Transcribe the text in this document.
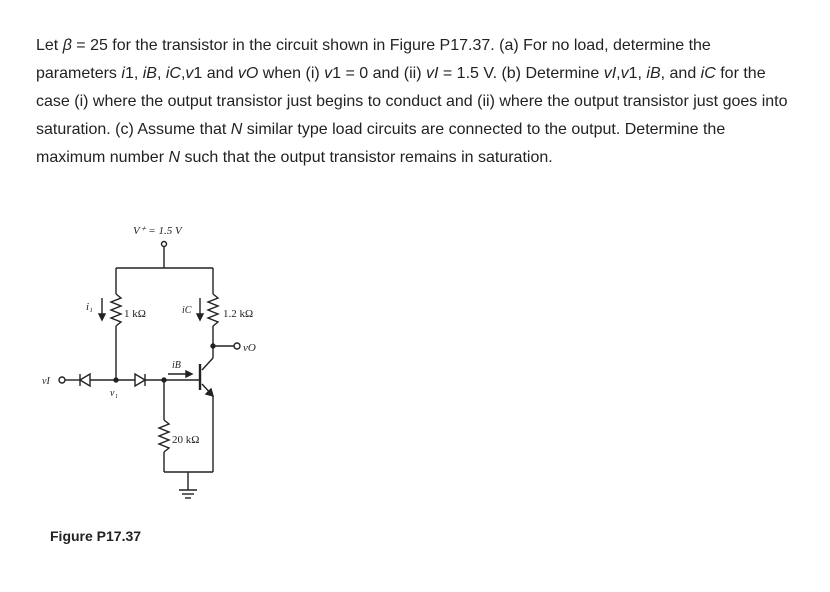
Let β = 25 for the transistor in the circuit shown in Figure P17.37. (a) For no load, determine the parameters i1, iB, iC,v1 and vO when (i) v1 = 0 and (ii) vI = 1.5 V. (b) Determine vI,v1, iB, and iC for the case (i) where the output transistor just begins to conduct and (ii) where the output transistor just goes into saturation. (c) Assume that N similar type load circuits are connected to the output. Determine the maximum number N such that the output transistor remains in saturation.

V⁺ = 1.5 V
1 kΩ
i₁
1.2 kΩ
iC
vO
iB
vI
v₁
20 kΩ
Figure P17.37
